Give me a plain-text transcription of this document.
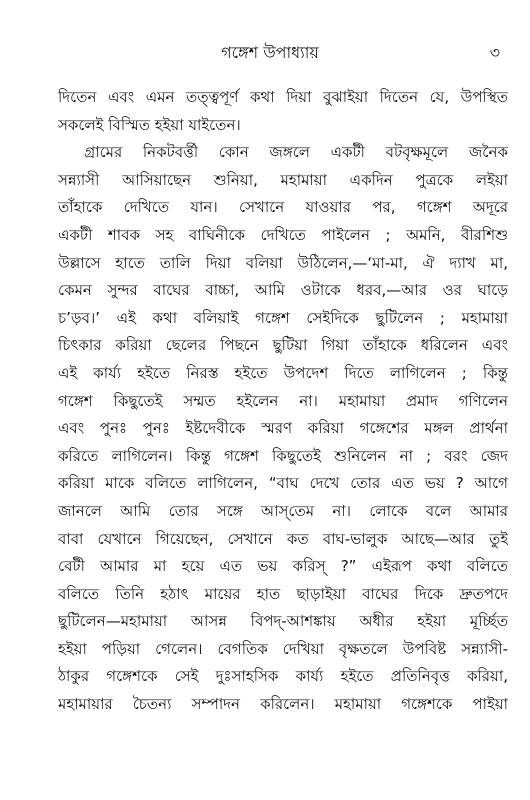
গঙ্গেশ উপাধ্যায়	৩
দিতেন এবং এমন তত্ত্বপূর্ণ কথা দিয়া বুঝাইয়া দিতেন যে, উপস্থিত
সকলেই বিস্মিত হইয়া যাইতেন।
গ্রামের নিকটবর্ত্তী কোন জঙ্গলে একটী বটবৃক্ষমূলে জনৈক
সন্ন্যাসী আসিয়াছেন শুনিয়া, মহামায়া একদিন পুত্রকে লইয়া
তাঁহাকে দেখিতে যান। সেখানে যাওয়ার পর, গঙ্গেশ অদূরে
একটী শাবক সহ বাঘিনীকে দেখিতে পাইলেন ; অমনি, বীরশিশু
উল্লাসে হাতে তালি দিয়া বলিয়া উঠিলেন,—‘মা-মা, ঐ দ্যাখ মা,
কেমন সুন্দর বাঘের বাচ্চা, আমি ওটাকে ধরব,—আর ওর ঘাড়ে
চ’ড়ব।’ এই কথা বলিয়াই গঙ্গেশ সেইদিকে ছুটিলেন ; মহামায়া
চিৎকার করিয়া ছেলের পিছনে ছুটিয়া গিয়া তাঁহাকে ধরিলেন এবং
এই কার্য্য হইতে নিরস্ত হইতে উপদেশ দিতে লাগিলেন ; কিন্তু
গঙ্গেশ কিছুতেই সম্মত হইলেন না। মহামায়া প্রমাদ গণিলেন
এবং পুনঃ পুনঃ ইষ্টদেবীকে স্মরণ করিয়া গঙ্গেশের মঙ্গল প্রার্থনা
করিতে লাগিলেন। কিন্তু গঙ্গেশ কিছুতেই শুনিলেন না ; বরং জেদ
করিয়া মাকে বলিতে লাগিলেন, “বাঘ দেখে তোর এত ভয় ? আগে
জানলে আমি তোর সঙ্গে আস্‌তেম না। লোকে বলে আমার
বাবা যেখানে গিয়েছেন, সেখানে কত বাঘ-ভালুক আছে—আর তুই
বেটী আমার মা হয়ে এত ভয় করিস্‌ ?” এইরূপ কথা বলিতে
বলিতে তিনি হঠাৎ মায়ের হাত ছাড়াইয়া বাঘের দিকে দ্রুতপদে
ছুটিলেন—মহামায়া আসন্ন বিপদ্-আশঙ্কায় অধীর হইয়া মূর্চ্ছিত
হইয়া পড়িয়া গেলেন। বেগতিক দেখিয়া বৃক্ষতলে উপবিষ্ট সন্ন্যাসী-
ঠাকুর গঙ্গেশকে সেই দুঃসাহসিক কার্য্য হইতে প্রতিনিবৃত্ত করিয়া,
মহামায়ার চৈতন্য সম্পাদন করিলেন। মহামায়া গঙ্গেশকে পাইয়া
